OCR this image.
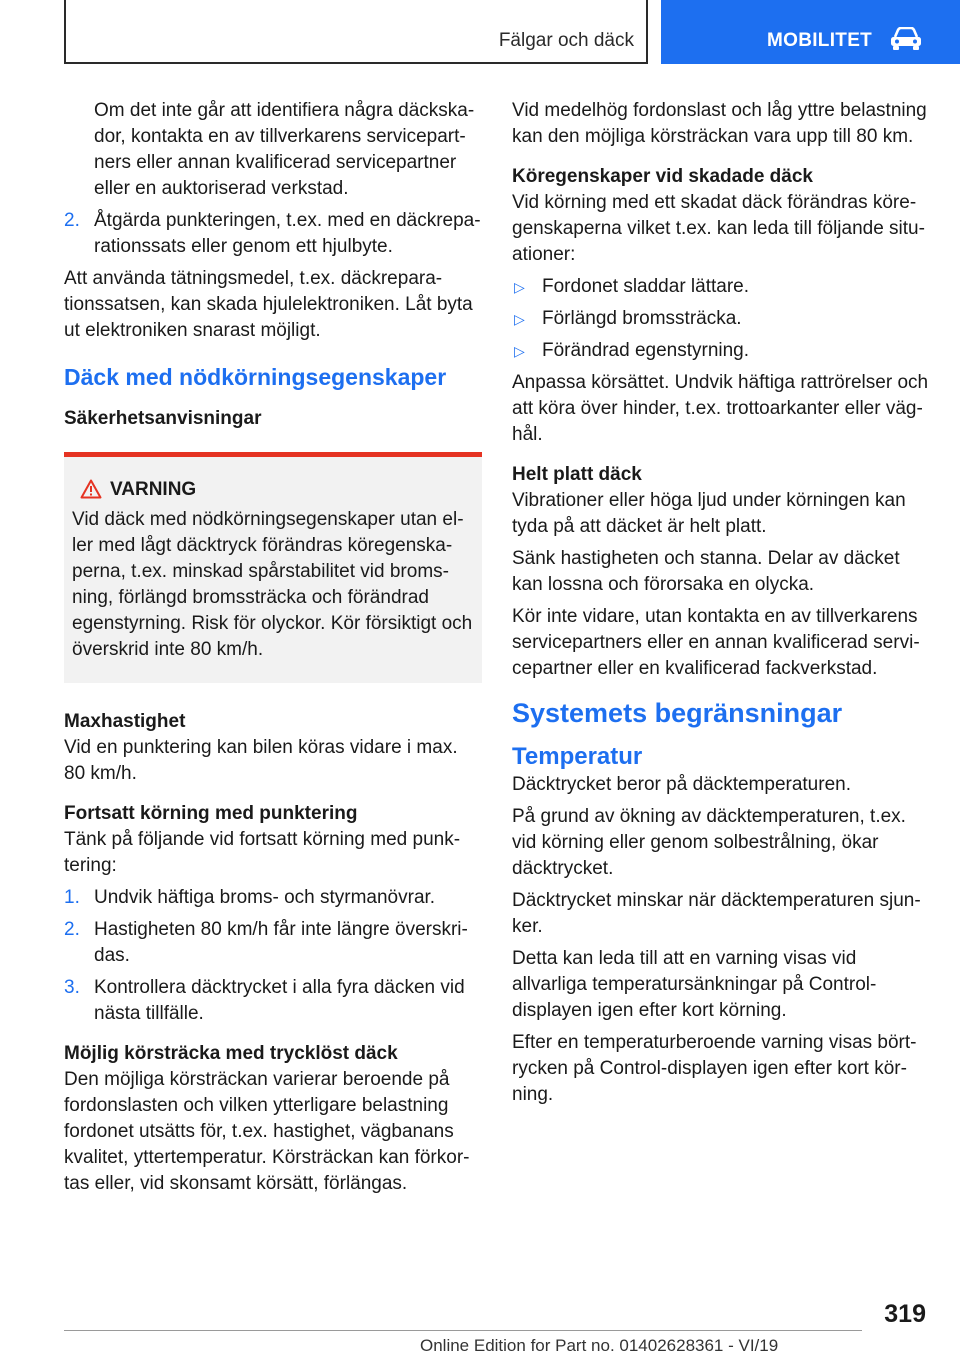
Fälgar och däck	MOBILITET

Om det inte går att identifiera några däckskador, kontakta en av tillverkarens servicepartners eller annan kvalificerad servicepartner eller en auktoriserad verkstad.

2. Åtgärda punkteringen, t.ex. med en däckreparationssats eller genom ett hjulbyte.

Att använda tätningsmedel, t.ex. däckreparationssatsen, kan skada hjulelektroniken. Låt byta ut elektroniken snarast möjligt.

Däck med nödkörningsegenskaper

Säkerhetsanvisningar

VARNING

Vid däck med nödkörningsegenskaper utan eller med lågt däcktryck förändras köregenskaperna, t.ex. minskad spårstabilitet vid bromsning, förlängd bromssträcka och förändrad egenstyrning. Risk för olyckor. Kör försiktigt och överskrid inte 80 km/h.

Maxhastighet

Vid en punktering kan bilen köras vidare i max. 80 km/h.

Fortsatt körning med punktering

Tänk på följande vid fortsatt körning med punktering:

1. Undvik häftiga broms- och styrmanövrar.
2. Hastigheten 80 km/h får inte längre överskridas.
3. Kontrollera däcktrycket i alla fyra däcken vid nästa tillfälle.

Möjlig körsträcka med trycklöst däck

Den möjliga körsträckan varierar beroende på fordonslasten och vilken ytterligare belastning fordonet utsätts för, t.ex. hastighet, vägbanans kvalitet, yttertemperatur. Körsträckan kan förkortas eller, vid skonsamt körsätt, förlängas.

Vid medelhög fordonslast och låg yttre belastning kan den möjliga körsträckan vara upp till 80 km.

Köregenskaper vid skadade däck

Vid körning med ett skadat däck förändras köregenskaperna vilket t.ex. kan leda till följande situationer:

▷ Fordonet sladdar lättare.
▷ Förlängd bromssträcka.
▷ Förändrad egenstyrning.

Anpassa körsättet. Undvik häftiga rattrörelser och att köra över hinder, t.ex. trottoarkanter eller väghål.

Helt platt däck

Vibrationer eller höga ljud under körningen kan tyda på att däcket är helt platt.

Sänk hastigheten och stanna. Delar av däcket kan lossna och förorsaka en olycka.

Kör inte vidare, utan kontakta en av tillverkarens servicepartners eller en annan kvalificerad servicepartner eller en kvalificerad fackverkstad.

Systemets begränsningar

Temperatur

Däcktrycket beror på däcktemperaturen.

På grund av ökning av däcktemperaturen, t.ex. vid körning eller genom solbestrålning, ökar däcktrycket.

Däcktrycket minskar när däcktemperaturen sjunker.

Detta kan leda till att en varning visas vid allvarliga temperatursänkningar på Control-displayen igen efter kort körning.

Efter en temperaturberoende varning visas börtrycken på Control-displayen igen efter kort körning.

319
Online Edition for Part no. 01402628361 - VI/19
